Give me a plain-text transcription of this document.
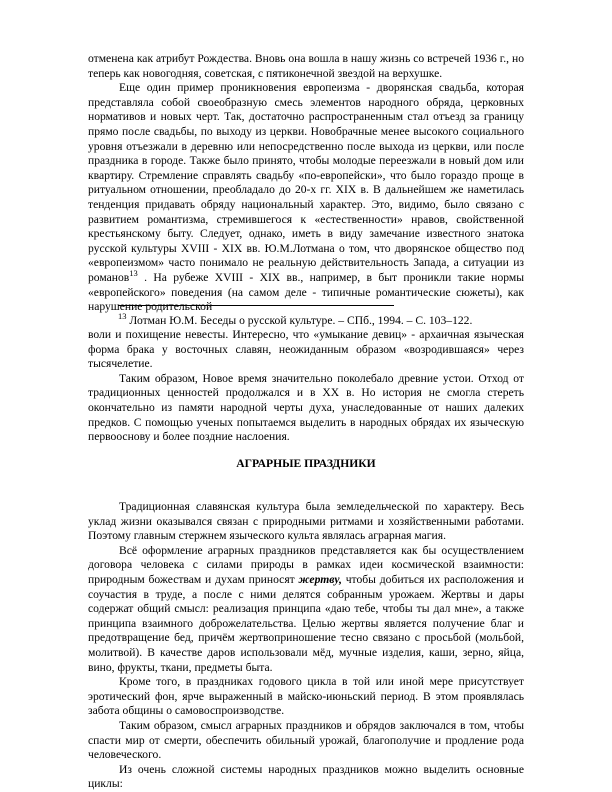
отменена как атрибут Рождества. Вновь она вошла в нашу жизнь со встречей 1936 г., но теперь как новогодняя, советская, с пятиконечной звездой на верхушке.

Еще один пример проникновения европеизма - дворянская свадьба, которая представляла собой своеобразную смесь элементов народного обряда, церковных нормативов и новых черт. Так, достаточно распространенным стал отъезд за границу прямо после свадьбы, по выходу из церкви. Новобрачные менее высокого социального уровня отъезжали в деревню или непосредственно после выхода из церкви, или после праздника в городе. Также было принято, чтобы молодые переезжали в новый дом или квартиру. Стремление справлять свадьбу «по-европейски», что было гораздо проще в ритуальном отношении, преобладало до 20-х гг. XIX в. В дальнейшем же наметилась тенденция придавать обряду национальный характер. Это, видимо, было связано с развитием романтизма, стремившегося к «естественности» нравов, свойственной крестьянскому быту. Следует, однако, иметь в виду замечание известного знатока русской культуры XVIII - XIX вв. Ю.М.Лотмана о том, что дворянское общество под «европеизмом» часто понимало не реальную действительность Запада, а ситуации из романов$^{13}$ . На рубеже XVIII - XIX вв., например, в быт проникли такие нормы «европейского» поведения (на самом деле - типичные романтические сюжеты), как нарушение родительской

$^{13}$ Лотман Ю.М. Беседы о русской культуре. – СПб., 1994. – С. 103–122.

воли и похищение невесты. Интересно, что «умыкание девиц» - архаичная языческая форма брака у восточных славян, неожиданным образом «возродившаяся» через тысячелетие.

Таким образом, Новое время значительно поколебало древние устои. Отход от традиционных ценностей продолжался и в XX в. Но история не смогла стереть окончательно из памяти народной черты духа, унаследованные от наших далеких предков. С помощью ученых попытаемся выделить в народных обрядах их языческую первооснову и более поздние наслоения.

АГРАРНЫЕ ПРАЗДНИКИ

Традиционная славянская культура была земледельческой по характеру. Весь уклад жизни оказывался связан с природными ритмами и хозяйственными работами. Поэтому главным стержнем языческого культа являлась аграрная магия.

Всё оформление аграрных праздников представляется как бы осуществлением договора человека с силами природы в рамках идеи космической взаимности: природным божествам и духам приносят жертву, чтобы добиться их расположения и соучастия в труде, а после с ними делятся собранным урожаем. Жертвы и дары содержат общий смысл: реализация принципа «даю тебе, чтобы ты дал мне», а также принципа взаимного доброжелательства. Целью жертвы является получение благ и предотвращение бед, причём жертвоприношение тесно связано с просьбой (мольбой, молитвой). В качестве даров использовали мёд, мучные изделия, каши, зерно, яйца, вино, фрукты, ткани, предметы быта.

Кроме того, в праздниках годового цикла в той или иной мере присутствует эротический фон, ярче выраженный в майско-июньский период. В этом проявлялась забота общины о самовоспроизводстве.

Таким образом, смысл аграрных праздников и обрядов заключался в том, чтобы спасти мир от смерти, обеспечить обильный урожай, благополучие и продление рода человеческого.

Из очень сложной системы народных праздников можно выделить основные циклы:
